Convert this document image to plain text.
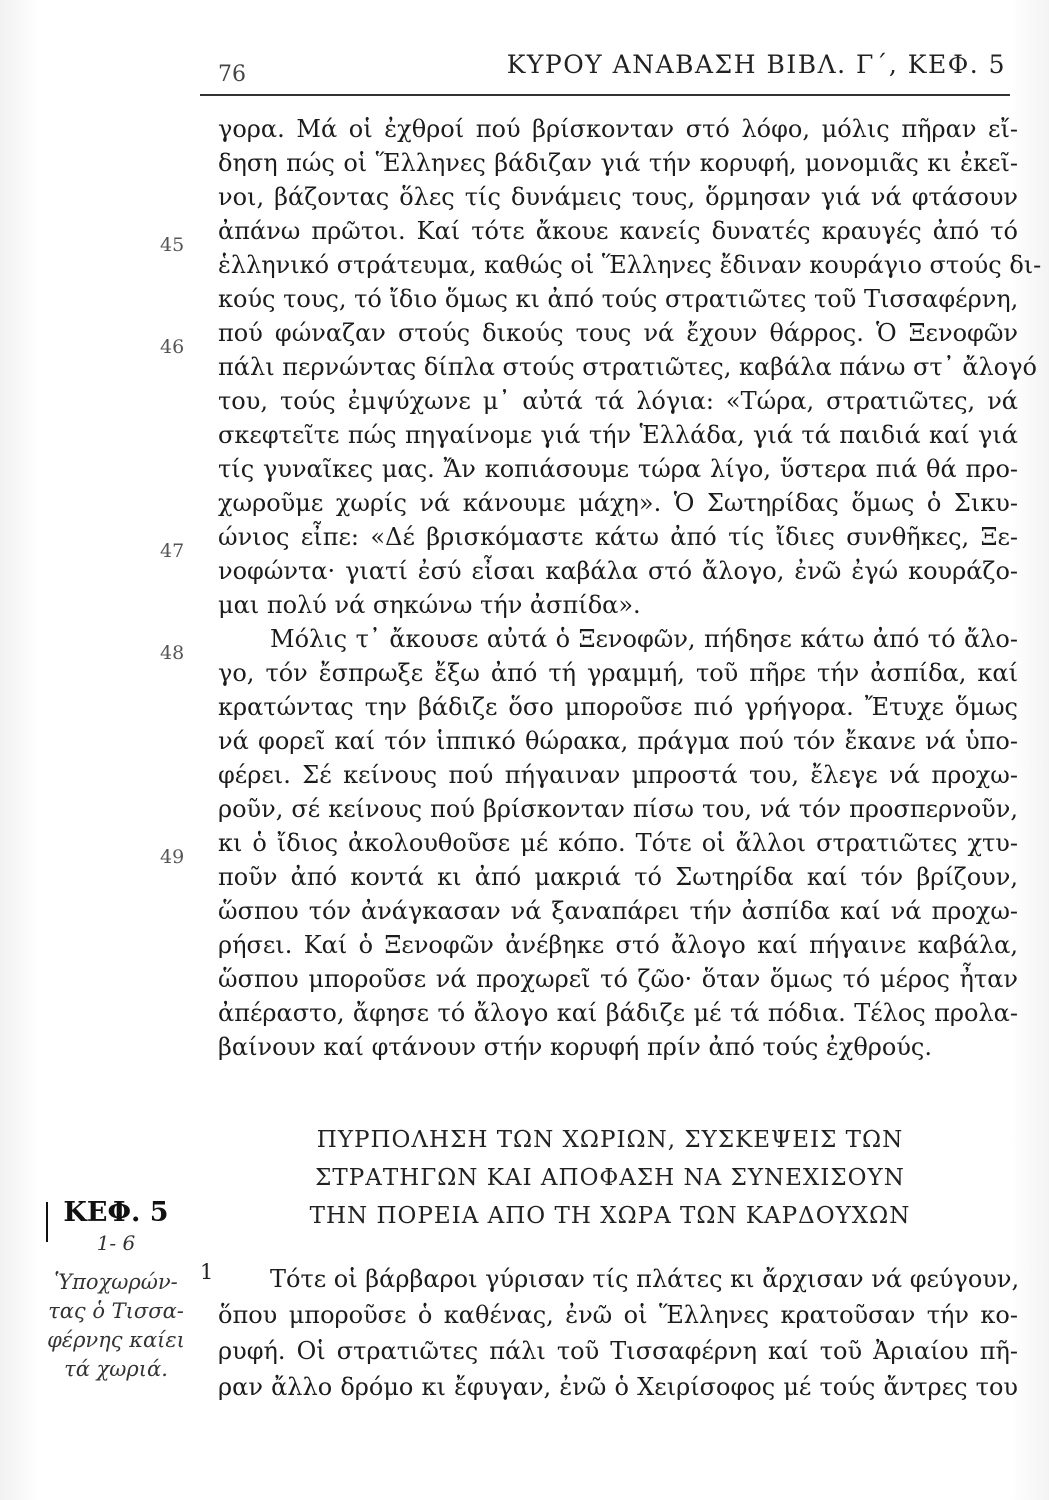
76	ΚΥΡΟΥ ΑΝΑΒΑΣΗ ΒΙΒΛ. Γ΄, ΚΕΦ. 5
γορα. Μά οἱ ἐχθροί πού βρίσκονταν στό λόφο, μόλις πῆραν εἴ-
δηση πώς οἱ Ἕλληνες βάδιζαν γιά τήν κορυφή, μονομιᾶς κι ἐκεῖ-
νοι, βάζοντας ὅλες τίς δυνάμεις τους, ὅρμησαν γιά νά φτάσουν
ἀπάνω πρῶτοι. Καί τότε ἄκουε κανείς δυνατές κραυγές ἀπό τό
ἑλληνικό στράτευμα, καθώς οἱ Ἕλληνες ἔδιναν κουράγιο στούς δι-
κούς τους, τό ἴδιο ὅμως κι ἀπό τούς στρατιῶτες τοῦ Τισσαφέρνη,
πού φώναζαν στούς δικούς τους νά ἔχουν θάρρος. Ὁ Ξενοφῶν
πάλι περνώντας δίπλα στούς στρατιῶτες, καβάλα πάνω στ᾽ ἄλογό
του, τούς ἐμψύχωνε μ᾽ αὐτά τά λόγια: «Τώρα, στρατιῶτες, νά
σκεφτεῖτε πώς πηγαίνομε γιά τήν Ἑλλάδα, γιά τά παιδιά καί γιά
τίς γυναῖκες μας. Ἄν κοπιάσουμε τώρα λίγο, ὕστερα πιά θά προ-
χωροῦμε χωρίς νά κάνουμε μάχη». Ὁ Σωτηρίδας ὅμως ὁ Σικυ-
ώνιος εἶπε: «Δέ βρισκόμαστε κάτω ἀπό τίς ἴδιες συνθῆκες, Ξε-
νοφώντα· γιατί ἐσύ εἶσαι καβάλα στό ἄλογο, ἐνῶ ἐγώ κουράζο-
μαι πολύ νά σηκώνω τήν ἀσπίδα».
Μόλις τ᾽ ἄκουσε αὐτά ὁ Ξενοφῶν, πήδησε κάτω ἀπό τό ἄλο-
γο, τόν ἔσπρωξε ἔξω ἀπό τή γραμμή, τοῦ πῆρε τήν ἀσπίδα, καί
κρατώντας την βάδιζε ὅσο μποροῦσε πιό γρήγορα. Ἔτυχε ὅμως
νά φορεῖ καί τόν ἱππικό θώρακα, πράγμα πού τόν ἔκανε νά ὑπο-
φέρει. Σέ κείνους πού πήγαιναν μπροστά του, ἔλεγε νά προχω-
ροῦν, σέ κείνους πού βρίσκονταν πίσω του, νά τόν προσπερνοῦν,
κι ὁ ἴδιος ἀκολουθοῦσε μέ κόπο. Τότε οἱ ἄλλοι στρατιῶτες χτυ-
ποῦν ἀπό κοντά κι ἀπό μακριά τό Σωτηρίδα καί τόν βρίζουν,
ὥσπου τόν ἀνάγκασαν νά ξαναπάρει τήν ἀσπίδα καί νά προχω-
ρήσει. Καί ὁ Ξενοφῶν ἀνέβηκε στό ἄλογο καί πήγαινε καβάλα,
ὥσπου μποροῦσε νά προχωρεῖ τό ζῶο· ὅταν ὅμως τό μέρος ἦταν
ἀπέραστο, ἄφησε τό ἄλογο καί βάδιζε μέ τά πόδια. Τέλος προλα-
βαίνουν καί φτάνουν στήν κορυφή πρίν ἀπό τούς ἐχθρούς.
45
46
47
48
49
1
ΠΥΡΠΟΛΗΣΗ ΤΩΝ ΧΩΡΙΩΝ, ΣΥΣΚΕΨΕΙΣ ΤΩΝ
ΣΤΡΑΤΗΓΩΝ ΚΑΙ ΑΠΟΦΑΣΗ ΝΑ ΣΥΝΕΧΙΣΟΥΝ
ΤΗΝ ΠΟΡΕΙΑ ΑΠΟ ΤΗ ΧΩΡΑ ΤΩΝ ΚΑΡΔΟΥΧΩΝ
ΚΕΦ. 5
1- 6
Ὑποχωρών-
τας ὁ Τισσα-
φέρνης καίει
τά χωριά.
Τότε οἱ βάρβαροι γύρισαν τίς πλάτες κι ἄρχισαν νά φεύγουν,
ὅπου μποροῦσε ὁ καθένας, ἐνῶ οἱ Ἕλληνες κρατοῦσαν τήν κο-
ρυφή. Οἱ στρατιῶτες πάλι τοῦ Τισσαφέρνη καί τοῦ Ἀριαίου πῆ-
ραν ἄλλο δρόμο κι ἔφυγαν, ἐνῶ ὁ Χειρίσοφος μέ τούς ἄντρες του
